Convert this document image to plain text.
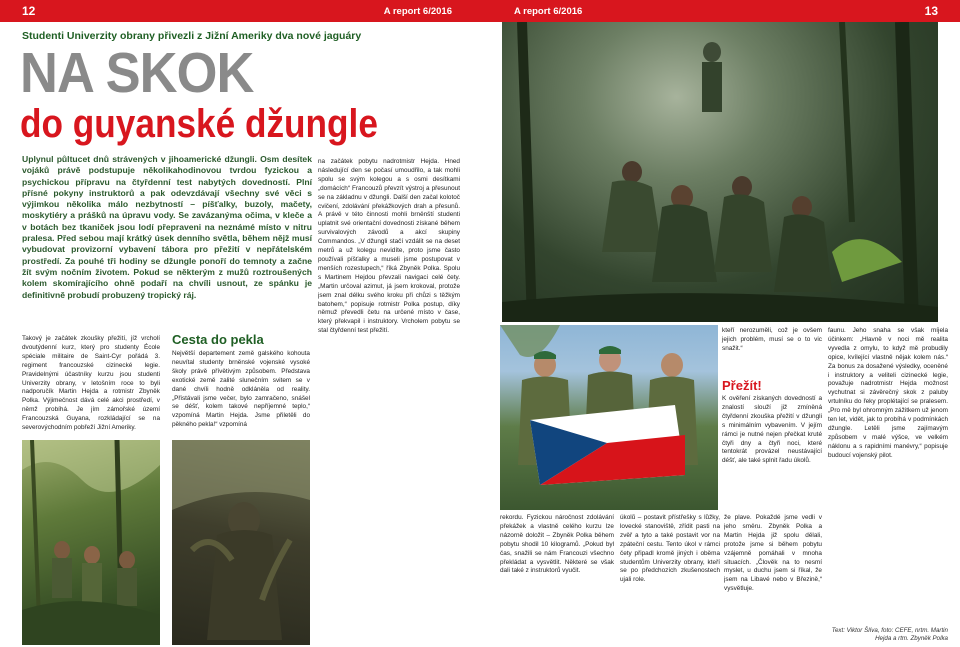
12	A report 6/2016
Studenti Univerzity obrany přivezli z Jižní Ameriky dva nové jaguáry
NA SKOK
do guyanské džungle
Uplynul půltucet dnů strávených v jihoamerické džungli. Osm desítek vojáků právě podstupuje několikahodinovou tvrdou fyzickou a psychickou přípravu na čtyřdenní test nabytých dovedností. Plní přísné pokyny instruktorů a pak odevzdávají všechny své věci s výjimkou několika málo nezbytností – píšťalky, buzoly, mačety, moskytiéry a prášků na úpravu vody. Se zavázanýma očima, v kleče a v botách bez tkaniček jsou lodí přepraveni na neznámé místo v nitru pralesa. Před sebou mají krátký úsek denního světla, během nějž musí vybudovat provizorní vybavení tábora pro přežití v nepřátelském prostředí. Za pouhé tři hodiny se džungle ponoří do temnoty a začne žít svým nočním životem. Pokud se některým z mužů roztroušených kolem skomírajícího ohně podaří na chvíli usnout, ze spánku je definitivně probudí probuzený tropický ráj.
Takový je začátek zkoušky přežití, jíž vrcholí dvoutýdenní kurz, který pro studenty École spéciale militaire de Saint-Cyr pořádá 3. regiment francouzské cizinecké legie. Pravidelnými účastníky kurzu jsou studenti Univerzity obrany, v letošním roce to byli nadporučík Martin Hejda a rotmistr Zbyněk Polka. Výjimečnost dává celé akci prostředí, v němž probíhá. Je jím zámořské území Francouzská Guyana, rozkládající se na severovýchodním pobřeží Jižní Ameriky.
Cesta do pekla
Největší departement země galského kohouta neuvítal studenty brněnské vojenské vysoké školy právě přívětivým způsobem. Představa exotické země zalité slunečním svitem se v dané chvíli hodně odkláněla od reality. „Přistávali jsme večer, bylo zamračeno, snášel se déšť, kolem takové nepříjemné teplo,“ vzpomíná Martin Hejda. Jsme přiletěli do pěkného pekla!“ vzpomíná
na začátek pobytu nadrotmistr Hejda. Hned následující den se počasí umoudřilo, a tak mohli spolu se svým kolegou a s osmi desítkami „domácích“ Francouzů převzít výstroj a přesunout se na základnu v džungli. Další den začal kolotoč cvičení, zdolávání překážkových drah a přesunů. A právě v této činnosti mohli brněnští studenti uplatnit své orientační dovednosti získané během survivalových závodů a akcí skupiny Commandos. „V džungli stačí vzdálit se na deset metrů a už kolegu nevidíte, proto jsme často používali píšťalky a museli jsme postupovat v menších rozestupech,“ říká Zbyněk Polka. Spolu s Martinem Hejdou převzali navigaci celé čety. „Martin určoval azimut, já jsem krokoval, protože jsem znal délku svého kroku při chůzi s těžkým batohem,“ popisuje rotmistr Polka postup, díky němuž převedli četu na určené místo v čase, který překvapil i instruktory. Vrcholem pobytu se stal čtyřdenní test přežití.
A report 6/2016	13
kteří nerozuměli, což je ovšem jejich problém, musí se o to vic snažit.“
Přežít!
K ověření získaných dovedností a znalostí slouží již zmíněná čtyřdenní zkouška přežití v džungli s minimálním vybavením. V jejím rámci je nutné nejen přečkat kruté čtyři dny a čtyři noci, které tentokrát provázel neustávající déšť, ale také splnit řadu úkolů.
faunu. Jeho snaha se však míjela účinkem: „Hlavně v noci mě realita vyvedla z omylu, to když mě probudily opice, kvílející vlastně nějak kolem nás.“ Za bonus za dosažené výsledky, oceněné i instruktory a veliteli cizinecké legie, považuje nadrotmistr Hejda možnost vychutnat si závěrečný skok z paluby vrtulníku do řeky proplétající se pralesem. „Pro mě byl ohromným zážitkem už jenom ten let, vidět, jak to probíhá v podmínkách džungle. Letěli jsme zajímavým způsobem v malé výšce, ve velkém náklonu a s rapidními manévry,“ popisuje budoucí vojenský pilot.
rekordu. Fyzickou náročnost zdolávání překážek a vlastně celého kurzu lze názorně doložit – Zbyněk Polka během pobytu shodil 10 kilogramů. „Pokud byl čas, snažili se nám Francouzi všechno překládat a vysvětlit. Některé se však dali také z instruktorů vyučit.
úkolů – postavit přístřešky s lůžky, lovecké stanoviště, zřídit pasti na zvěř a tyto a také postavit vor na zpáteční cestu. Tento úkol v rámci čety připadl kromě jiných i oběma studentům Univerzity obrany, kteří se po předchozích zkušenostech ujali role.
že plave. Pokaždé jsme vedli v jeho směru. Zbyněk Polka a Martin Hejda již spolu dělali, protože jsme si během pobytu vzájemně pomáhali v mnoha situacích. „Člověk na to nesmí myslet, u duchu jsem si říkal, že jsem na Libavé nebo v Březině,“ vysvětluje.
Text: Viktor Šlíva, foto: CEFE, nrtm. Martin Hejda a rtm. Zbyněk Polka
